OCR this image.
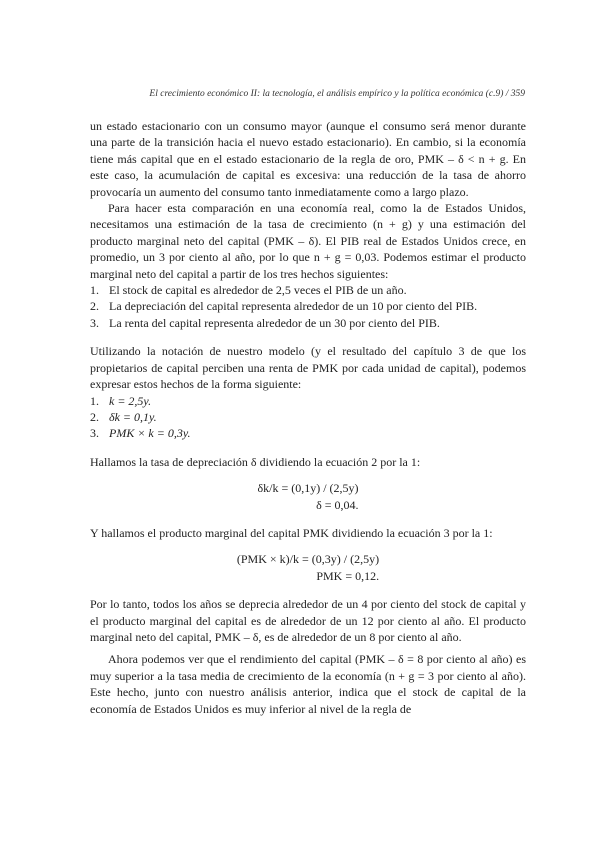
El crecimiento económico II: la tecnología, el análisis empírico y la política económica (c.9) / 359

un estado estacionario con un consumo mayor (aunque el consumo será menor durante una parte de la transición hacia el nuevo estado estacionario). En cambio, si la economía tiene más capital que en el estado estacionario de la regla de oro, PMK – δ < n + g. En este caso, la acumulación de capital es excesiva: una reducción de la tasa de ahorro provocaría un aumento del consumo tanto inmediatamente como a largo plazo.

Para hacer esta comparación en una economía real, como la de Estados Unidos, necesitamos una estimación de la tasa de crecimiento (n + g) y una estimación del producto marginal neto del capital (PMK – δ). El PIB real de Estados Unidos crece, en promedio, un 3 por ciento al año, por lo que n + g = 0,03. Podemos estimar el producto marginal neto del capital a partir de los tres hechos siguientes:

1. El stock de capital es alrededor de 2,5 veces el PIB de un año.
2. La depreciación del capital representa alrededor de un 10 por ciento del PIB.
3. La renta del capital representa alrededor de un 30 por ciento del PIB.

Utilizando la notación de nuestro modelo (y el resultado del capítulo 3 de que los propietarios de capital perciben una renta de PMK por cada unidad de capital), podemos expresar estos hechos de la forma siguiente:

1. k = 2,5y.
2. δk = 0,1y.
3. PMK × k = 0,3y.

Hallamos la tasa de depreciación δ dividiendo la ecuación 2 por la 1:

δk/k = (0,1y) / (2,5y)
δ = 0,04.

Y hallamos el producto marginal del capital PMK dividiendo la ecuación 3 por la 1:

(PMK × k)/k = (0,3y) / (2,5y)
PMK = 0,12.

Por lo tanto, todos los años se deprecia alrededor de un 4 por ciento del stock de capital y el producto marginal del capital es de alrededor de un 12 por ciento al año. El producto marginal neto del capital, PMK – δ, es de alrededor de un 8 por ciento al año.

Ahora podemos ver que el rendimiento del capital (PMK – δ = 8 por ciento al año) es muy superior a la tasa media de crecimiento de la economía (n + g = 3 por ciento al año). Este hecho, junto con nuestro análisis anterior, indica que el stock de capital de la economía de Estados Unidos es muy inferior al nivel de la regla de
